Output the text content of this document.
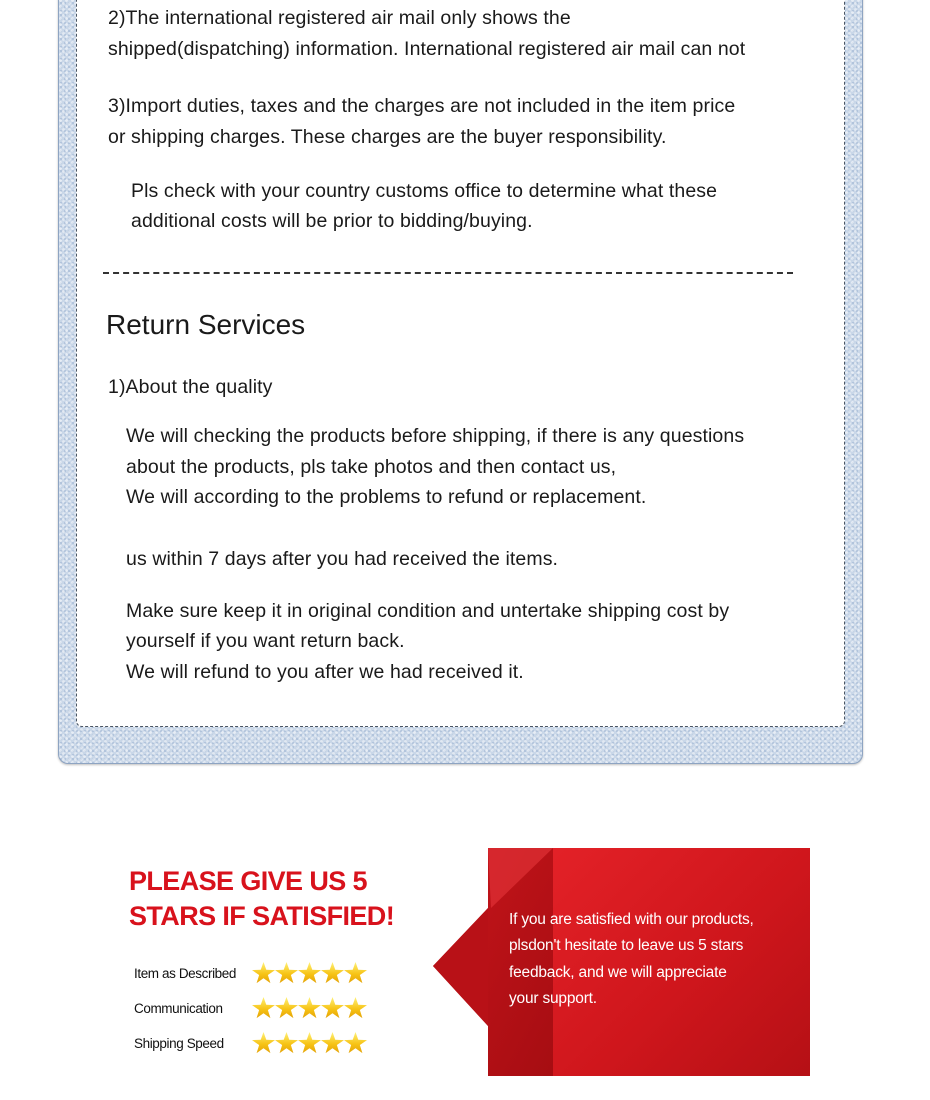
2)The international registered air mail only shows the
shipped(dispatching) information. International registered air mail can not
3)Import duties, taxes and the charges are not included in the item price
or shipping charges. These charges are the buyer responsibility.
Pls check with your country customs office to determine what these
additional costs will be prior to bidding/buying.
Return Services
1)About the quality
We will checking the products before shipping, if there is any questions
about the products, pls take photos and then contact us,
We will according to the problems to refund or replacement.
us within 7 days after you had received the items.
Make sure keep it in original condition and untertake shipping cost by
yourself if you want return back.
We will refund to you after we had received it.
PLEASE GIVE US 5
STARS IF SATISFIED!
Item as Described
Communication
Shipping Speed
If you are satisfied with our products,
plsdon't hesitate to leave us 5 stars
feedback, and we will appreciate
your support.
